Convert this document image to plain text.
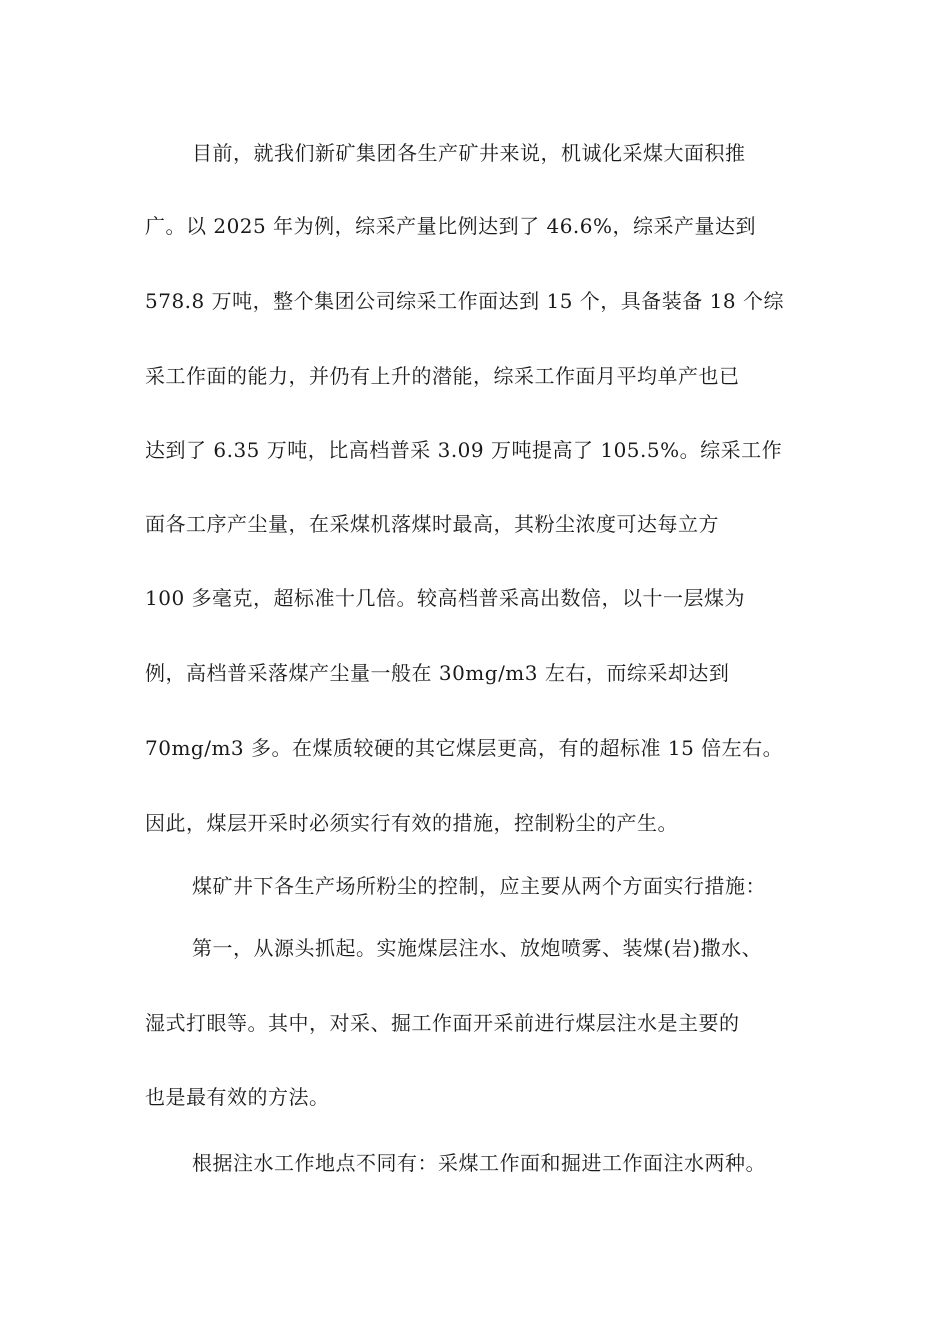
目前，就我们新矿集团各生产矿井来说，机诚化采煤大面积推
广。以 2025 年为例，综采产量比例达到了 46.6%，综采产量达到
578.8 万吨，整个集团公司综采工作面达到 15 个，具备装备 18 个综
采工作面的能力，并仍有上升的潜能，综采工作面月平均单产也已
达到了 6.35 万吨，比高档普采 3.09 万吨提高了 105.5%。综采工作
面各工序产尘量，在采煤机落煤时最高，其粉尘浓度可达每立方
100 多毫克，超标准十几倍。较高档普采高出数倍，以十一层煤为
例，高档普采落煤产尘量一般在 30mg/m3 左右，而综采却达到
70mg/m3 多。在煤质较硬的其它煤层更高，有的超标准 15 倍左右。
因此，煤层开采时必须实行有效的措施，控制粉尘的产生。
煤矿井下各生产场所粉尘的控制，应主要从两个方面实行措施：
第一，从源头抓起。实施煤层注水、放炮喷雾、装煤(岩)撒水、
湿式打眼等。其中，对采、掘工作面开采前进行煤层注水是主要的
也是最有效的方法。
根据注水工作地点不同有：采煤工作面和掘进工作面注水两种。
